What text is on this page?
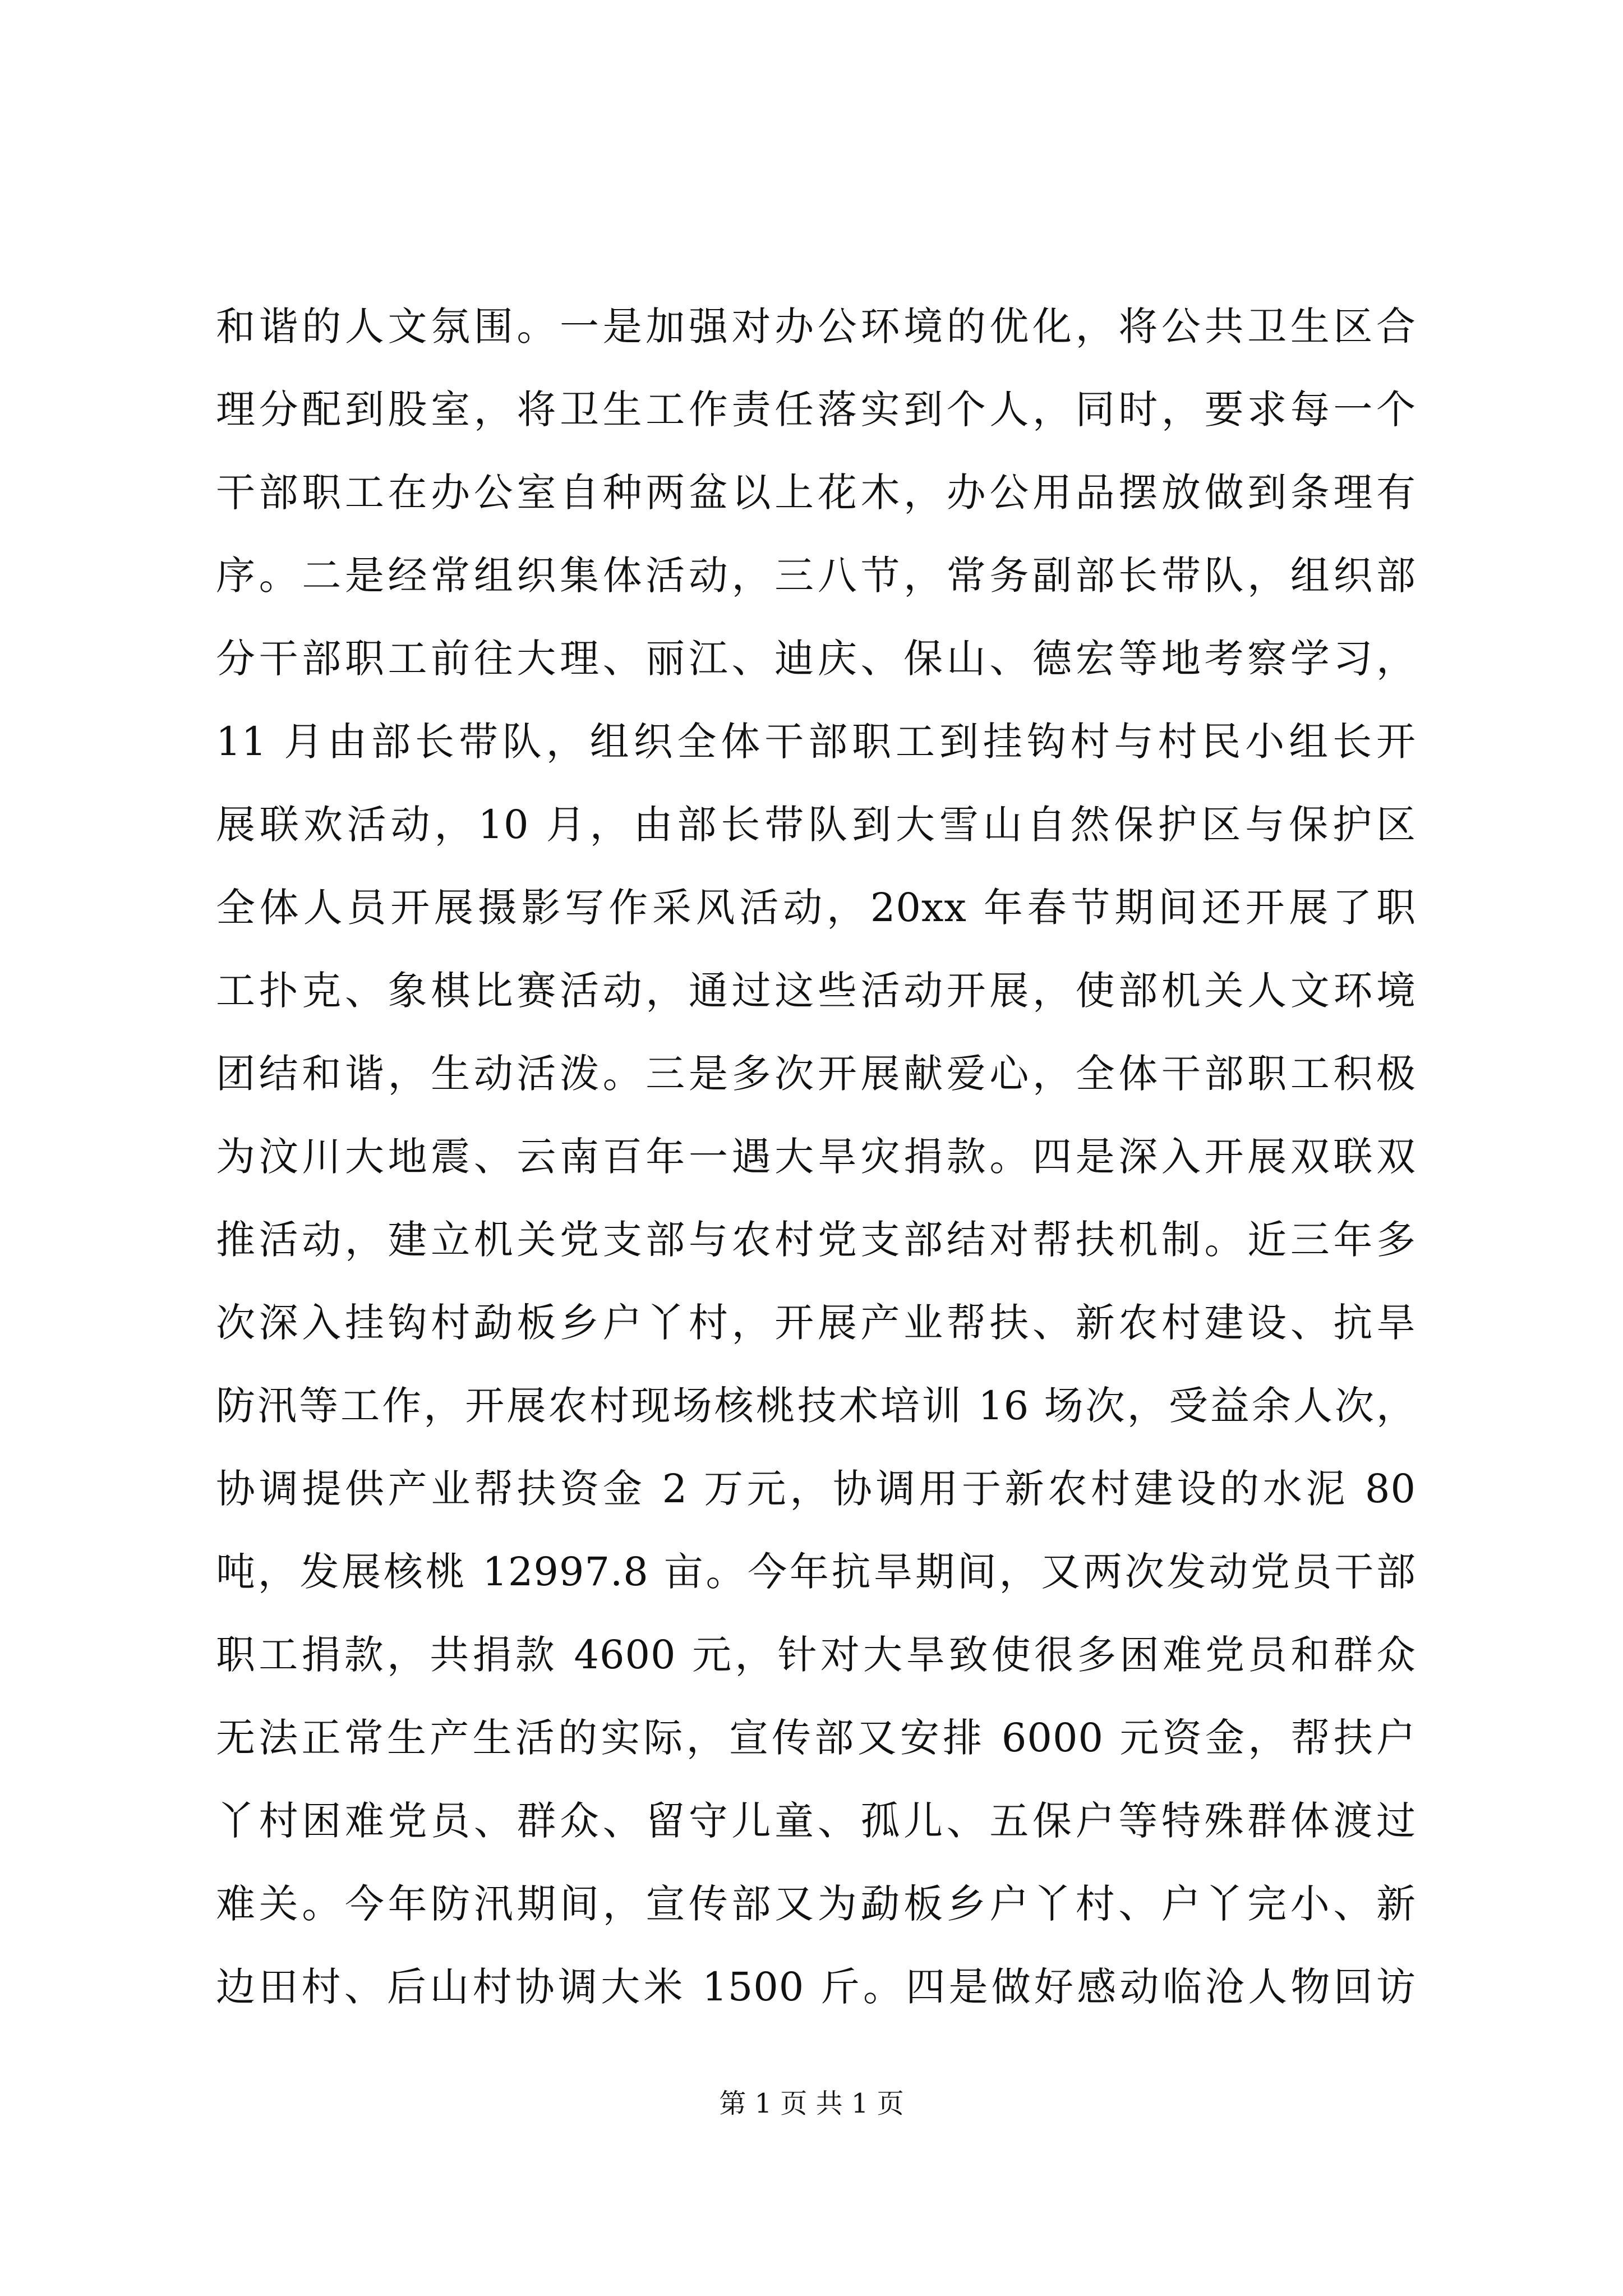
和谐的人文氛围。一是加强对办公环境的优化，将公共卫生区合
理分配到股室，将卫生工作责任落实到个人，同时，要求每一个
干部职工在办公室自种两盆以上花木，办公用品摆放做到条理有
序。二是经常组织集体活动，三八节，常务副部长带队，组织部
分干部职工前往大理、丽江、迪庆、保山、德宏等地考察学习，
11 月由部长带队，组织全体干部职工到挂钩村与村民小组长开
展联欢活动，10 月，由部长带队到大雪山自然保护区与保护区
全体人员开展摄影写作采风活动，20xx 年春节期间还开展了职
工扑克、象棋比赛活动，通过这些活动开展，使部机关人文环境
团结和谐，生动活泼。三是多次开展献爱心，全体干部职工积极
为汶川大地震、云南百年一遇大旱灾捐款。四是深入开展双联双
推活动，建立机关党支部与农村党支部结对帮扶机制。近三年多
次深入挂钩村勐板乡户丫村，开展产业帮扶、新农村建设、抗旱
防汛等工作，开展农村现场核桃技术培训 16 场次，受益余人次，
协调提供产业帮扶资金 2 万元，协调用于新农村建设的水泥 80
吨，发展核桃 12997.8 亩。今年抗旱期间，又两次发动党员干部
职工捐款，共捐款 4600 元，针对大旱致使很多困难党员和群众
无法正常生产生活的实际，宣传部又安排 6000 元资金，帮扶户
丫村困难党员、群众、留守儿童、孤儿、五保户等特殊群体渡过
难关。今年防汛期间，宣传部又为勐板乡户丫村、户丫完小、新
边田村、后山村协调大米 1500 斤。四是做好感动临沧人物回访
第 1 页 共 1 页
